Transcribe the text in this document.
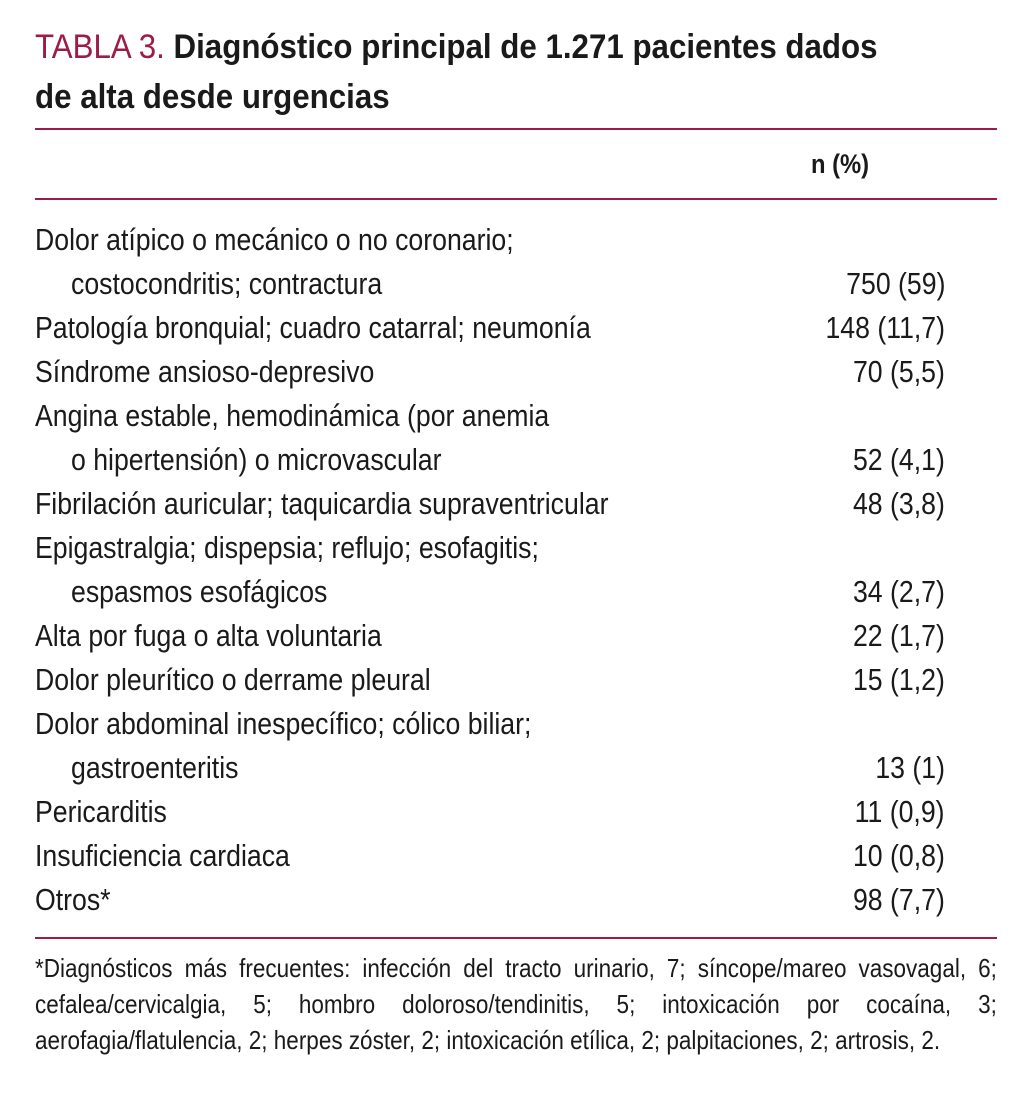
TABLA 3. Diagnóstico principal de 1.271 pacientes dados de alta desde urgencias
n (%)
Dolor atípico o mecánico o no coronario;
costocondritis; contractura	750 (59)
Patología bronquial; cuadro catarral; neumonía	148 (11,7)
Síndrome ansioso-depresivo	70 (5,5)
Angina estable, hemodinámica (por anemia
o hipertensión) o microvascular	52 (4,1)
Fibrilación auricular; taquicardia supraventricular	48 (3,8)
Epigastralgia; dispepsia; reflujo; esofagitis;
espasmos esofágicos	34 (2,7)
Alta por fuga o alta voluntaria	22 (1,7)
Dolor pleurítico o derrame pleural	15 (1,2)
Dolor abdominal inespecífico; cólico biliar;
gastroenteritis	13 (1)
Pericarditis	11 (0,9)
Insuficiencia cardiaca	10 (0,8)
Otros*	98 (7,7)
*Diagnósticos más frecuentes: infección del tracto urinario, 7; síncope/mareo vasovagal, 6; cefalea/cervicalgia, 5; hombro doloroso/tendinitis, 5; intoxicación por cocaína, 3; aerofagia/flatulencia, 2; herpes zóster, 2; intoxicación etílica, 2; palpitaciones, 2; artrosis, 2.
